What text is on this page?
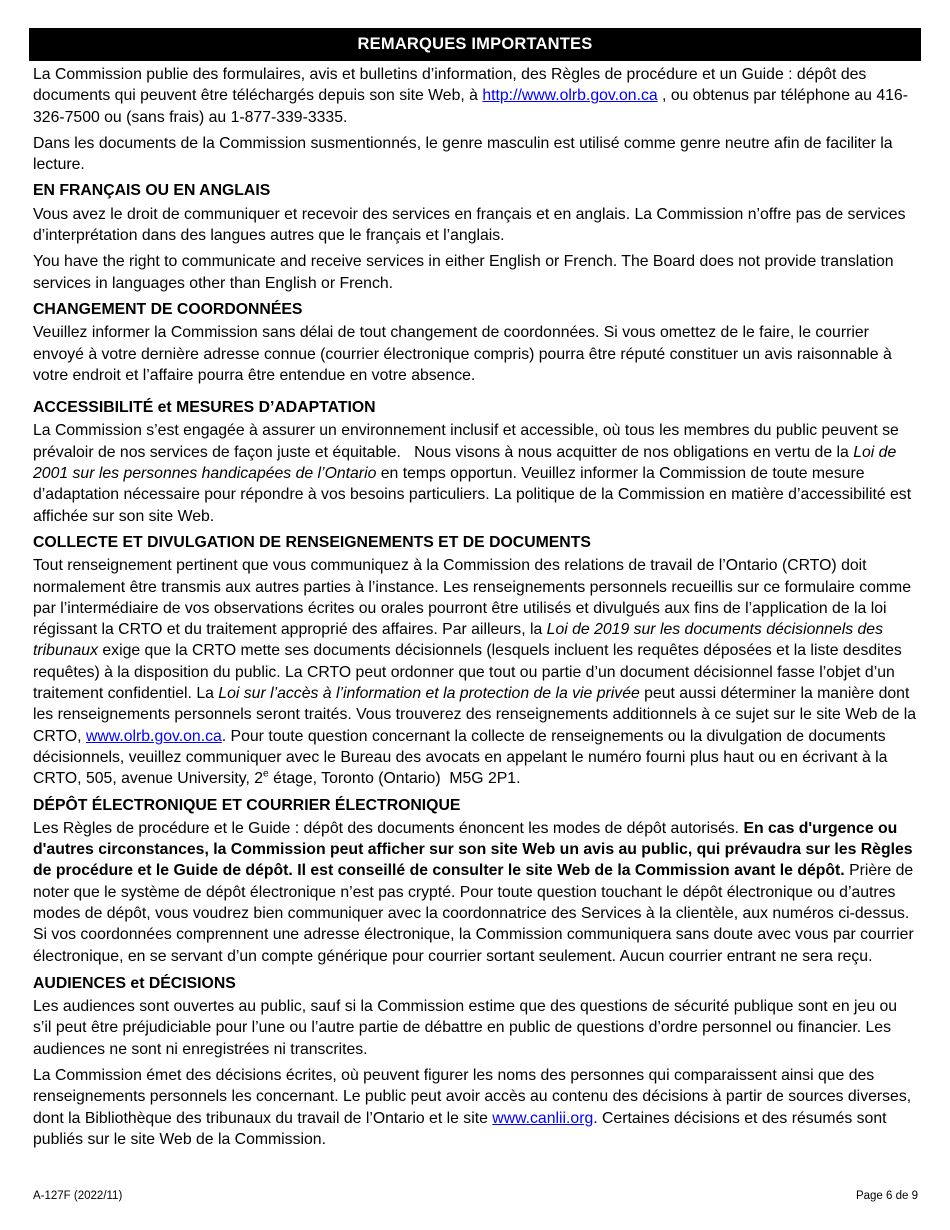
REMARQUES IMPORTANTES

La Commission publie des formulaires, avis et bulletins d’information, des Règles de procédure et un Guide : dépôt des documents qui peuvent être téléchargés depuis son site Web, à http://www.olrb.gov.on.ca , ou obtenus par téléphone au 416-326-7500 ou (sans frais) au 1-877-339-3335.

Dans les documents de la Commission susmentionnés, le genre masculin est utilisé comme genre neutre afin de faciliter la lecture.

EN FRANÇAIS OU EN ANGLAIS

Vous avez le droit de communiquer et recevoir des services en français et en anglais. La Commission n’offre pas de services d’interprétation dans des langues autres que le français et l’anglais.

You have the right to communicate and receive services in either English or French. The Board does not provide translation services in languages other than English or French.

CHANGEMENT DE COORDONNÉES

Veuillez informer la Commission sans délai de tout changement de coordonnées. Si vous omettez de le faire, le courrier envoyé à votre dernière adresse connue (courrier électronique compris) pourra être réputé constituer un avis raisonnable à votre endroit et l’affaire pourra être entendue en votre absence.

ACCESSIBILITÉ et MESURES D’ADAPTATION

La Commission s’est engagée à assurer un environnement inclusif et accessible, où tous les membres du public peuvent se prévaloir de nos services de façon juste et équitable.   Nous visons à nous acquitter de nos obligations en vertu de la Loi de 2001 sur les personnes handicapées de l’Ontario en temps opportun. Veuillez informer la Commission de toute mesure d’adaptation nécessaire pour répondre à vos besoins particuliers. La politique de la Commission en matière d’accessibilité est affichée sur son site Web.

COLLECTE ET DIVULGATION DE RENSEIGNEMENTS ET DE DOCUMENTS

Tout renseignement pertinent que vous communiquez à la Commission des relations de travail de l’Ontario (CRTO) doit normalement être transmis aux autres parties à l’instance. Les renseignements personnels recueillis sur ce formulaire comme par l’intermédiaire de vos observations écrites ou orales pourront être utilisés et divulgués aux fins de l’application de la loi régissant la CRTO et du traitement approprié des affaires. Par ailleurs, la Loi de 2019 sur les documents décisionnels des tribunaux exige que la CRTO mette ses documents décisionnels (lesquels incluent les requêtes déposées et la liste desdites requêtes) à la disposition du public. La CRTO peut ordonner que tout ou partie d’un document décisionnel fasse l’objet d’un traitement confidentiel. La Loi sur l’accès à l’information et la protection de la vie privée peut aussi déterminer la manière dont les renseignements personnels seront traités. Vous trouverez des renseignements additionnels à ce sujet sur le site Web de la CRTO, www.olrb.gov.on.ca. Pour toute question concernant la collecte de renseignements ou la divulgation de documents décisionnels, veuillez communiquer avec le Bureau des avocats en appelant le numéro fourni plus haut ou en écrivant à la CRTO, 505, avenue University, 2e étage, Toronto (Ontario)  M5G 2P1.

DÉPÔT ÉLECTRONIQUE ET COURRIER ÉLECTRONIQUE

Les Règles de procédure et le Guide : dépôt des documents énoncent les modes de dépôt autorisés. En cas d'urgence ou d'autres circonstances, la Commission peut afficher sur son site Web un avis au public, qui prévaudra sur les Règles de procédure et le Guide de dépôt. Il est conseillé de consulter le site Web de la Commission avant le dépôt. Prière de noter que le système de dépôt électronique n’est pas crypté. Pour toute question touchant le dépôt électronique ou d’autres modes de dépôt, vous voudrez bien communiquer avec la coordonnatrice des Services à la clientèle, aux numéros ci-dessus. Si vos coordonnées comprennent une adresse électronique, la Commission communiquera sans doute avec vous par courrier électronique, en se servant d’un compte générique pour courrier sortant seulement. Aucun courrier entrant ne sera reçu.

AUDIENCES et DÉCISIONS

Les audiences sont ouvertes au public, sauf si la Commission estime que des questions de sécurité publique sont en jeu ou s’il peut être préjudiciable pour l’une ou l’autre partie de débattre en public de questions d’ordre personnel ou financier. Les audiences ne sont ni enregistrées ni transcrites.

La Commission émet des décisions écrites, où peuvent figurer les noms des personnes qui comparaissent ainsi que des renseignements personnels les concernant. Le public peut avoir accès au contenu des décisions à partir de sources diverses, dont la Bibliothèque des tribunaux du travail de l’Ontario et le site www.canlii.org. Certaines décisions et des résumés sont publiés sur le site Web de la Commission.

A-127F (2022/11)	Page 6 de 9
